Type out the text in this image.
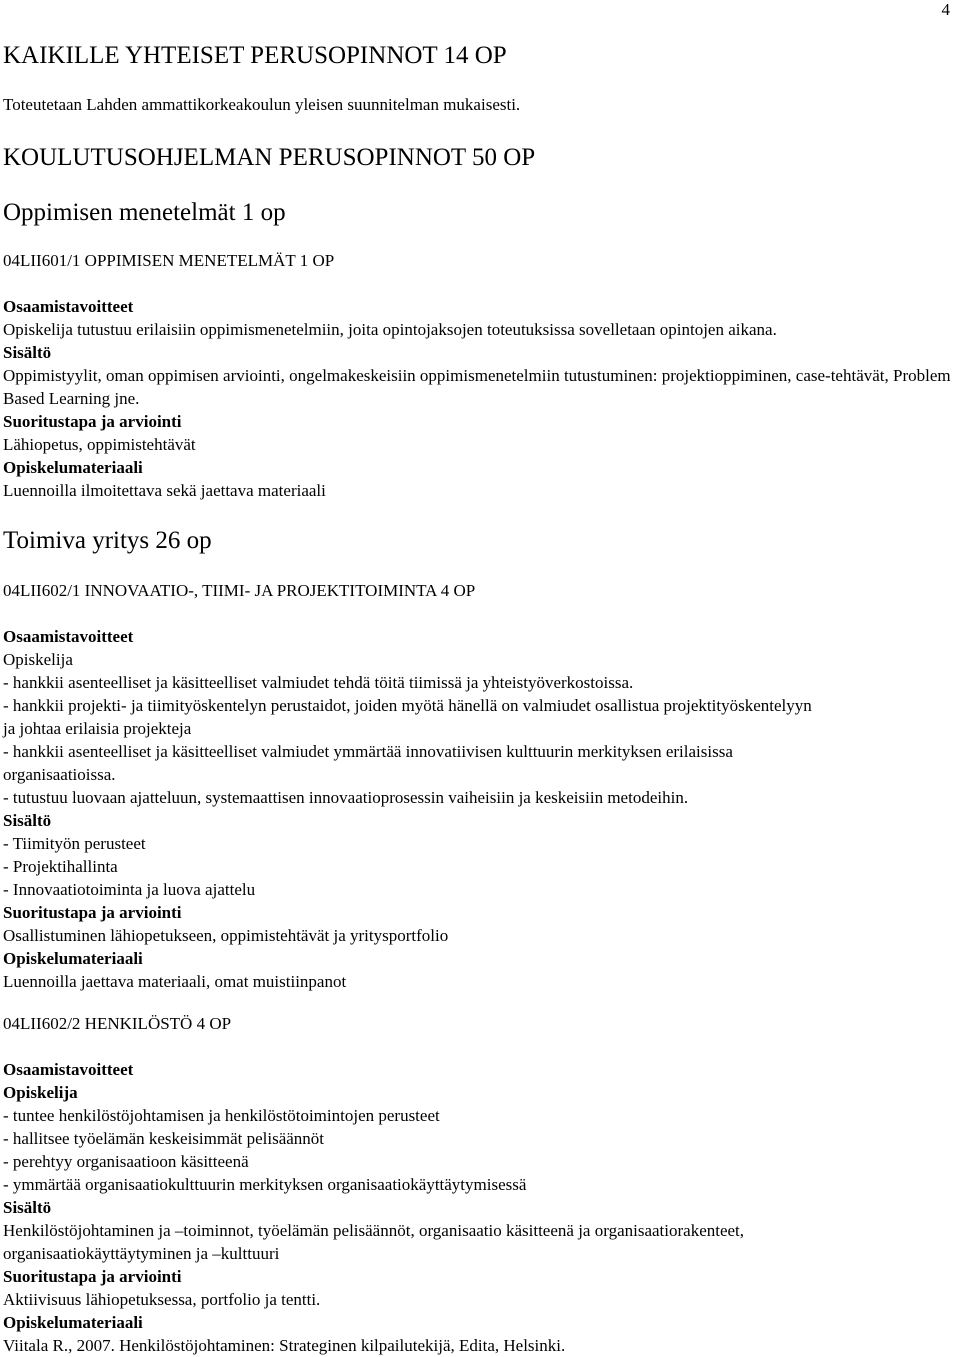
4
KAIKILLE YHTEISET PERUSOPINNOT 14 OP
Toteutetaan Lahden ammattikorkeakoulun yleisen suunnitelman mukaisesti.
KOULUTUSOHJELMAN PERUSOPINNOT 50 OP
Oppimisen menetelmät 1 op
04LII601/1 OPPIMISEN MENETELMÄT 1 OP
Osaamistavoitteet
Opiskelija tutustuu erilaisiin oppimismenetelmiin, joita opintojaksojen toteutuksissa sovelletaan opintojen aikana.
Sisältö
Oppimistyylit, oman oppimisen arviointi, ongelmakeskeisiin oppimismenetelmiin tutustuminen: projektioppiminen, case-tehtävät, Problem Based Learning jne.
Suoritustapa ja arviointi
Lähiopetus, oppimistehtävät
Opiskelumateriaali
Luennoilla ilmoitettava sekä jaettava materiaali
Toimiva yritys 26 op
04LII602/1 INNOVAATIO-, TIIMI- JA PROJEKTITOIMINTA 4 OP
Osaamistavoitteet
Opiskelija
- hankkii asenteelliset ja käsitteelliset valmiudet tehdä töitä tiimissä ja yhteistyöverkostoissa.
- hankkii projekti- ja tiimityöskentelyn perustaidot, joiden myötä hänellä on valmiudet osallistua projektityöskentelyyn
ja johtaa erilaisia projekteja
- hankkii asenteelliset ja käsitteelliset valmiudet ymmärtää innovatiivisen kulttuurin merkityksen erilaisissa
organisaatioissa.
- tutustuu luovaan ajatteluun, systemaattisen innovaatioprosessin vaiheisiin ja keskeisiin metodeihin.
Sisältö
- Tiimityön perusteet
- Projektihallinta
- Innovaatiotoiminta ja luova ajattelu
Suoritustapa ja arviointi
Osallistuminen lähiopetukseen, oppimistehtävät ja yritysportfolio
Opiskelumateriaali
Luennoilla jaettava materiaali, omat muistiinpanot
04LII602/2 HENKILÖSTÖ 4 OP
Osaamistavoitteet
Opiskelija
- tuntee henkilöstöjohtamisen ja henkilöstötoimintojen perusteet
- hallitsee työelämän keskeisimmät pelisäännöt
- perehtyy organisaatioon käsitteenä
- ymmärtää organisaatiokulttuurin merkityksen organisaatiokäyttäytymisessä
Sisältö
Henkilöstöjohtaminen ja –toiminnot, työelämän pelisäännöt, organisaatio käsitteenä ja organisaatiorakenteet,
organisaatiokäyttäytyminen ja –kulttuuri
Suoritustapa ja arviointi
Aktiivisuus lähiopetuksessa, portfolio ja tentti.
Opiskelumateriaali
Viitala R., 2007. Henkilöstöjohtaminen: Strateginen kilpailutekijä, Edita, Helsinki.
